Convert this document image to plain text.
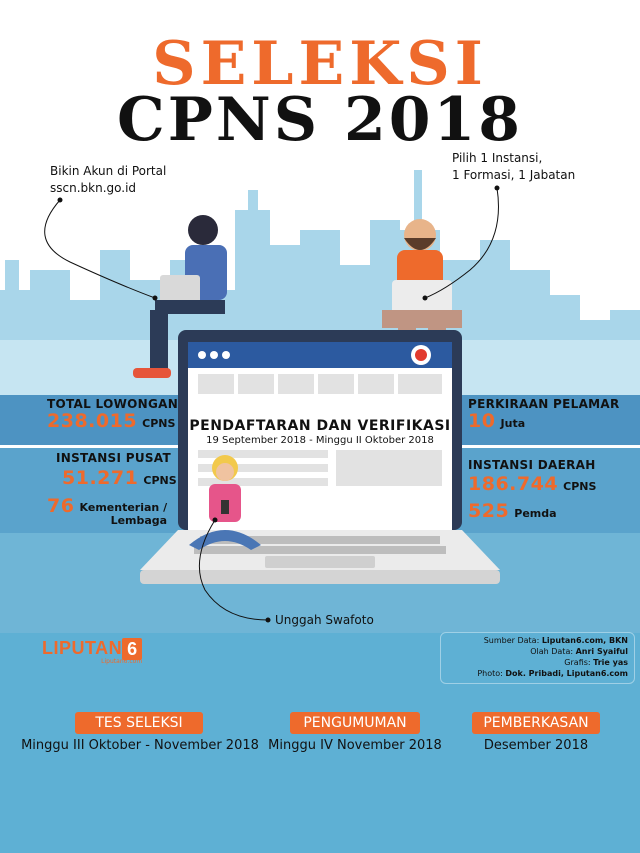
SELEKSI
CPNS 2018
Bikin Akun di Portal
sscn.bkn.go.id
Pilih 1 Instansi,
1 Formasi, 1 Jabatan
PENDAFTARAN DAN VERIFIKASI
19 September 2018 - Minggu II Oktober 2018
TOTAL LOWONGAN
238.015 CPNS
INSTANSI PUSAT
51.271 CPNS
76 Kementerian /
Lembaga
PERKIRAAN PELAMAR
10 Juta
INSTANSI DAERAH
186.744 CPNS
525 Pemda
Unggah Swafoto
LIPUTAN 6
Liputan6.com
Sumber Data: Liputan6.com, BKN
Olah Data: Anri Syaiful
Grafis: Trie yas
Photo: Dok. Pribadi, Liputan6.com
TES SELEKSI
Minggu III Oktober - November 2018
PENGUMUMAN
Minggu IV November 2018
PEMBERKASAN
Desember 2018
